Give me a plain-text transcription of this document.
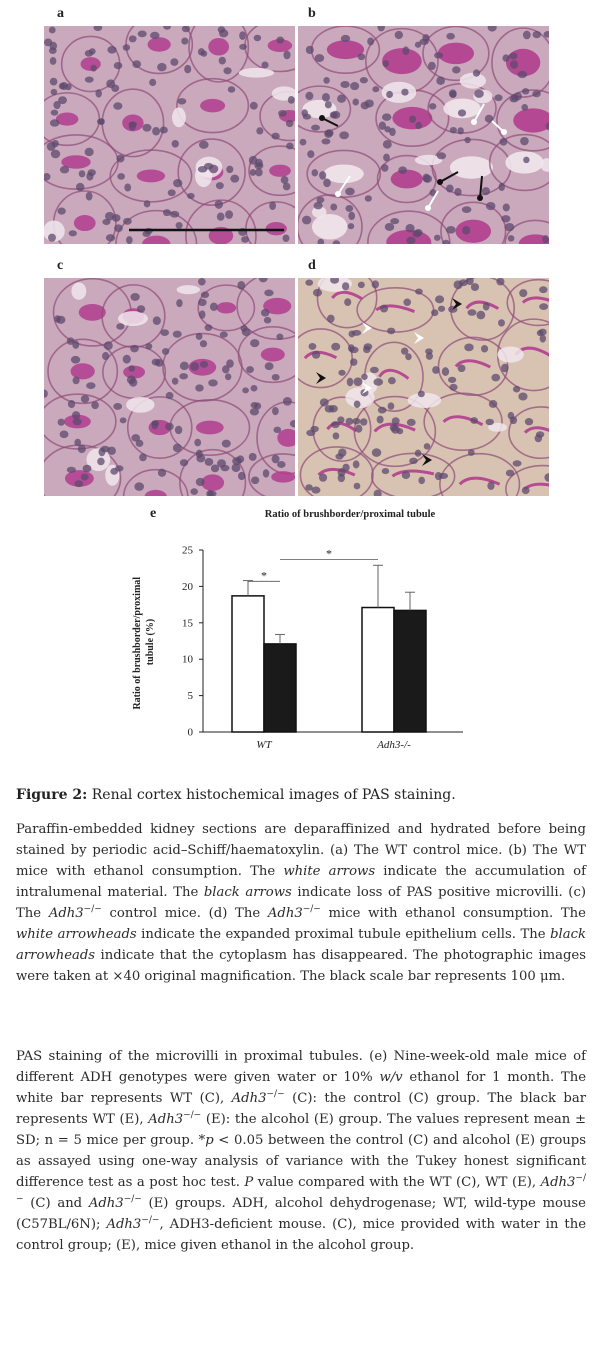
a	b
c	d
e	Ratio of brushborder/proximal tubule
Ratio of brushborder/proximal tubule (%)
0
5
10
15
20
25
WT	Adh3-/-
*
*
Figure 2: Renal cortex histochemical images of PAS staining.
Paraffin-embedded kidney sections are deparaffinized and hydrated before being stained by periodic acid–Schiff/haematoxylin. (a) The WT control mice. (b) The WT mice with ethanol consumption. The white arrows indicate the accumulation of intralumenal material. The black arrows indicate loss of PAS positive microvilli. (c) The Adh3−/− control mice. (d) The Adh3−/− mice with ethanol consumption. The white arrowheads indicate the expanded proximal tubule epithelium cells. The black arrowheads indicate that the cytoplasm has disappeared. The photographic images were taken at ×40 original magnification. The black scale bar represents 100 μm.
PAS staining of the microvilli in proximal tubules. (e) Nine-week-old male mice of different ADH genotypes were given water or 10% w/v ethanol for 1 month. The white bar represents WT (C), Adh3−/− (C): the control (C) group. The black bar represents WT (E), Adh3−/− (E): the alcohol (E) group. The values represent mean ± SD; n = 5 mice per group. *p < 0.05 between the control (C) and alcohol (E) groups as assayed using one-way analysis of variance with the Tukey honest significant difference test as a post hoc test. P value compared with the WT (C), WT (E), Adh3−/− (C) and Adh3−/− (E) groups. ADH, alcohol dehydrogenase; WT, wild-type mouse (C57BL/6N); Adh3−/−, ADH3-deficient mouse. (C), mice provided with water in the control group; (E), mice given ethanol in the alcohol group.
